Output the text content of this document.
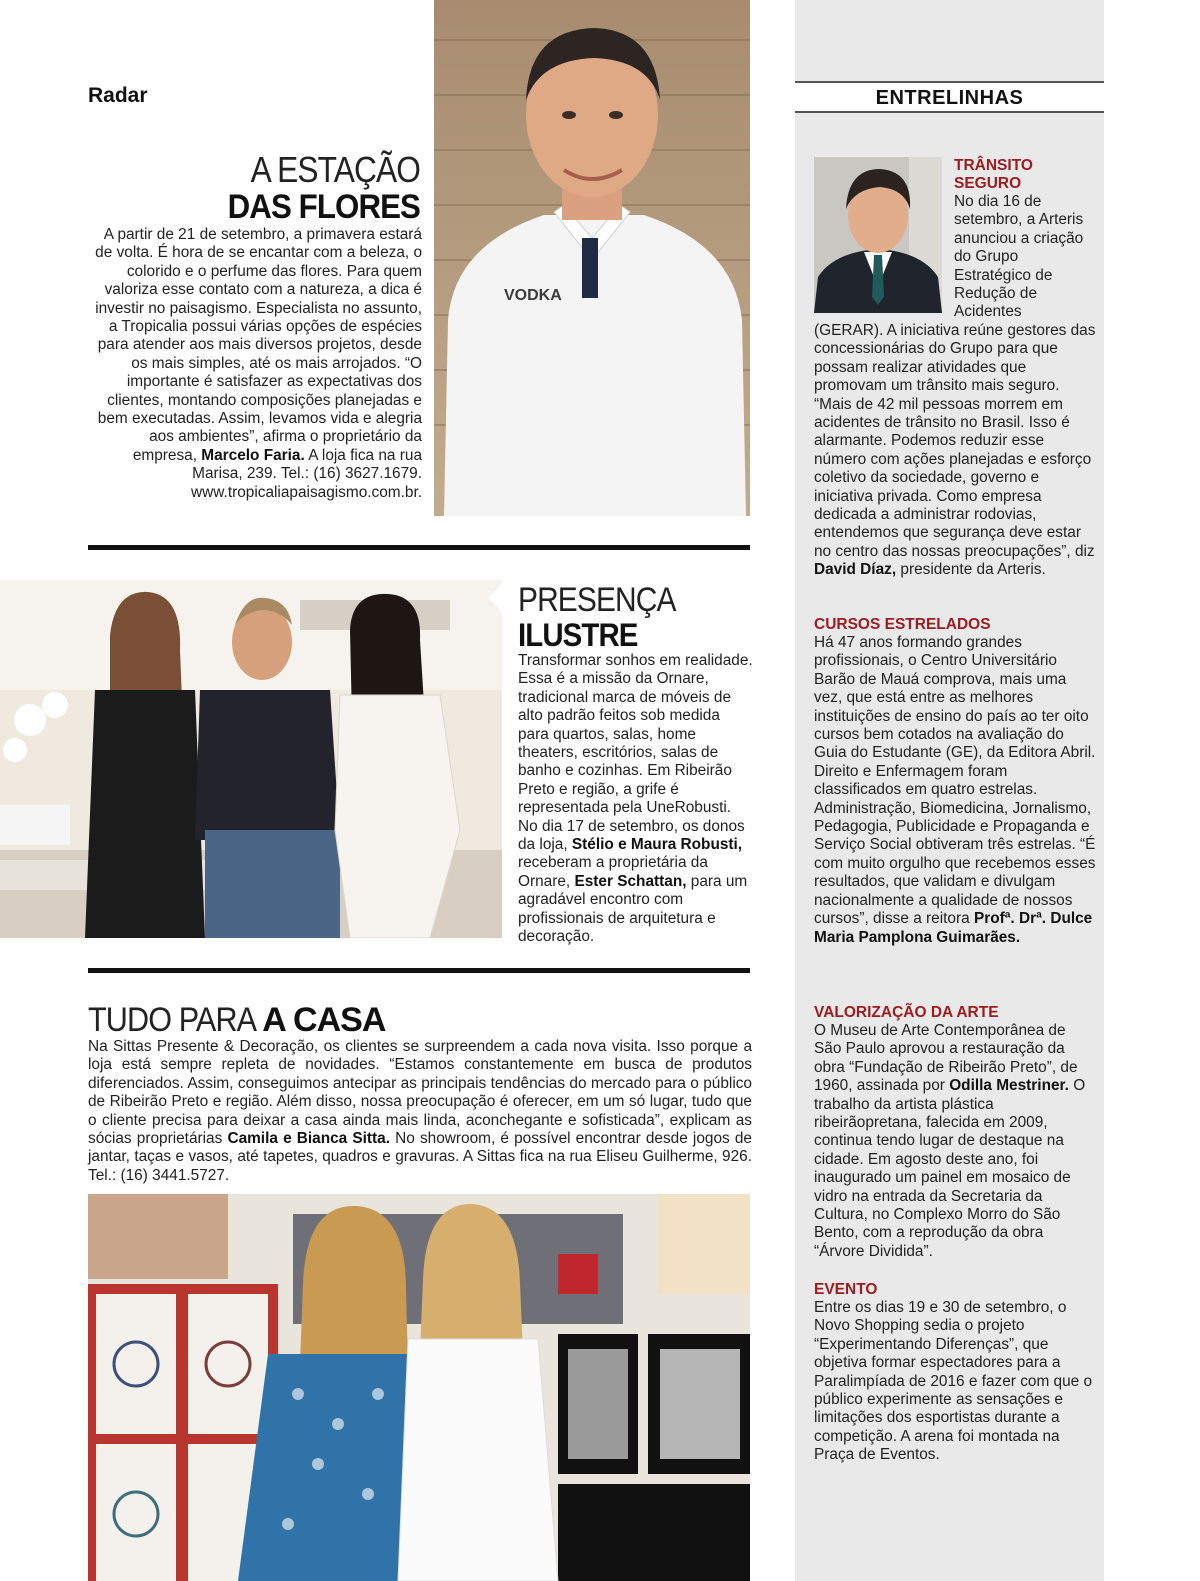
Radar
VODKA
A ESTAÇÃO
DAS FLORES
A partir de 21 de setembro, a primavera estará de volta. É hora de se encantar com a beleza, o colorido e o perfume das flores. Para quem valoriza esse contato com a natureza, a dica é investir no paisagismo. Especialista no assunto, a Tropicalia possui várias opções de espécies para atender aos mais diversos projetos, desde os mais simples, até os mais arrojados. “O importante é satisfazer as expectativas dos clientes, montando composições planejadas e bem executadas. Assim, levamos vida e alegria aos ambientes”, afirma o proprietário da empresa, Marcelo Faria. A loja fica na rua Marisa, 239. Tel.: (16) 3627.1679. www.tropicaliapaisagismo.com.br.
PRESENÇA
ILUSTRE
Transformar sonhos em realidade. Essa é a missão da Ornare, tradicional marca de móveis de alto padrão feitos sob medida para quartos, salas, home theaters, escritórios, salas de banho e cozinhas. Em Ribeirão Preto e região, a grife é representada pela UneRobusti. No dia 17 de setembro, os donos da loja, Stélio e Maura Robusti, receberam a proprietária da Ornare, Ester Schattan, para um agradável encontro com profissionais de arquitetura e decoração.
TUDO PARA A CASA
Na Sittas Presente & Decoração, os clientes se surpreendem a cada nova visita. Isso porque a loja está sempre repleta de novidades. “Estamos constantemente em busca de produtos diferenciados. Assim, conseguimos antecipar as principais tendências do mercado para o público de Ribeirão Preto e região. Além disso, nossa preocupação é oferecer, em um só lugar, tudo que o cliente precisa para deixar a casa ainda mais linda, aconchegante e sofisticada”, explicam as sócias proprietárias Camila e Bianca Sitta. No showroom, é possível encontrar desde jogos de jantar, taças e vasos, até tapetes, quadros e gravuras. A Sittas fica na rua Eliseu Guilherme, 926. Tel.: (16) 3441.5727.
ENTRELINHAS
TRÂNSITO SEGURO
No dia 16 de setembro, a Arteris anunciou a criação do Grupo Estratégico de Redução de Acidentes
(GERAR). A iniciativa reúne gestores das concessionárias do Grupo para que possam realizar atividades que promovam um trânsito mais seguro. “Mais de 42 mil pessoas morrem em acidentes de trânsito no Brasil. Isso é alarmante. Podemos reduzir esse número com ações planejadas e esforço coletivo da sociedade, governo e iniciativa privada. Como empresa dedicada a administrar rodovias, entendemos que segurança deve estar no centro das nossas preocupações”, diz David Díaz, presidente da Arteris.
CURSOS ESTRELADOS
Há 47 anos formando grandes profissionais, o Centro Universitário Barão de Mauá comprova, mais uma vez, que está entre as melhores instituições de ensino do país ao ter oito cursos bem cotados na avaliação do Guia do Estudante (GE), da Editora Abril. Direito e Enfermagem foram classificados em quatro estrelas. Administração, Biomedicina, Jornalismo, Pedagogia, Publicidade e Propaganda e Serviço Social obtiveram três estrelas. “É com muito orgulho que recebemos esses resultados, que validam e divulgam nacionalmente a qualidade de nossos cursos”, disse a reitora Profª. Drª. Dulce Maria Pamplona Guimarães.
VALORIZAÇÃO DA ARTE
O Museu de Arte Contemporânea de São Paulo aprovou a restauração da obra “Fundação de Ribeirão Preto”, de 1960, assinada por Odilla Mestriner. O trabalho da artista plástica ribeirãopretana, falecida em 2009, continua tendo lugar de destaque na cidade. Em agosto deste ano, foi inaugurado um painel em mosaico de vidro na entrada da Secretaria da Cultura, no Complexo Morro do São Bento, com a reprodução da obra “Árvore Dividida”.
EVENTO
Entre os dias 19 e 30 de setembro, o Novo Shopping sedia o projeto “Experimentando Diferenças”, que objetiva formar espectadores para a Paralimpíada de 2016 e fazer com que o público experimente as sensações e limitações dos esportistas durante a competição. A arena foi montada na Praça de Eventos.
